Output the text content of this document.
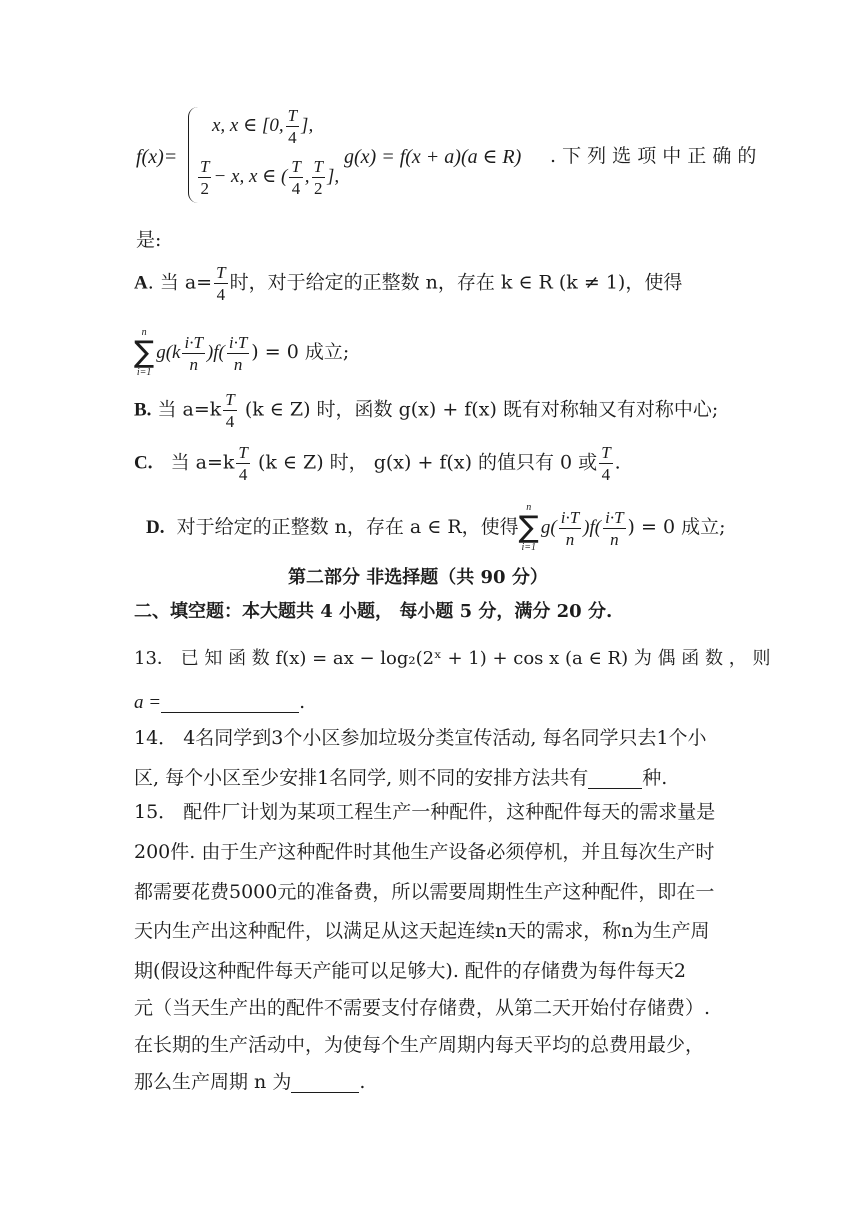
f(x)=
x, x ∈ [0, $\frac{T}{4}$ ],
$\frac{T}{2} - x$, x ∈ ( $\frac{T}{4}$ , $\frac{T}{2}$ ],
g(x) = f(x + a)(a ∈ R) . 下 列 选 项 中 正 确 的
是:
A. 当 $a= \frac{T}{4}$ 时，对于给定的正整数 n，存在 k ∈ R (k ≠ 1)，使得
n
∑
i=1
$g(k \frac{i\cdot T}{n} )f( \frac{i\cdot T}{n}$ ) = 0 成立;
B. 当 $a=k \frac{T}{4} (k$ ∈ Z) 时，函数 g(x) + f(x) 既有对称轴又有对称中心;
C. 当 $a=k \frac{T}{4} (k$ ∈ Z) 时， g(x) + f(x) 的值只有 0 或 $\frac{T}{4}$ .
D. 对于给定的正整数 n，存在 a ∈ R，使得
n
∑
i=1
$g( \frac{i\cdot T}{n} )f( \frac{i\cdot T}{n}$ ) = 0 成立;
第二部分 非选择题（共 90 分）
二、填空题：本大题共 4 小题， 每小题 5 分，满分 20 分.
13． 已 知 函 数 f(x) = ax − log₂(2ˣ + 1) + cos x (a ∈ R) 为 偶 函 数 ， 则
a =	.
14． 4名同学到3个小区参加垃圾分类宣传活动, 每名同学只去1个小
区, 每个小区至少安排1名同学, 则不同的安排方法共有	种.
15． 配件厂计划为某项工程生产一种配件，这种配件每天的需求量是
200件. 由于生产这种配件时其他生产设备必须停机，并且每次生产时
都需要花费5000元的准备费，所以需要周期性生产这种配件，即在一
天内生产出这种配件，以满足从这天起连续n天的需求，称n为生产周
期(假设这种配件每天产能可以足够大). 配件的存储费为每件每天2
元（当天生产出的配件不需要支付存储费，从第二天开始付存储费）.
在长期的生产活动中，为使每个生产周期内每天平均的总费用最少，
那么生产周期 n 为	.
